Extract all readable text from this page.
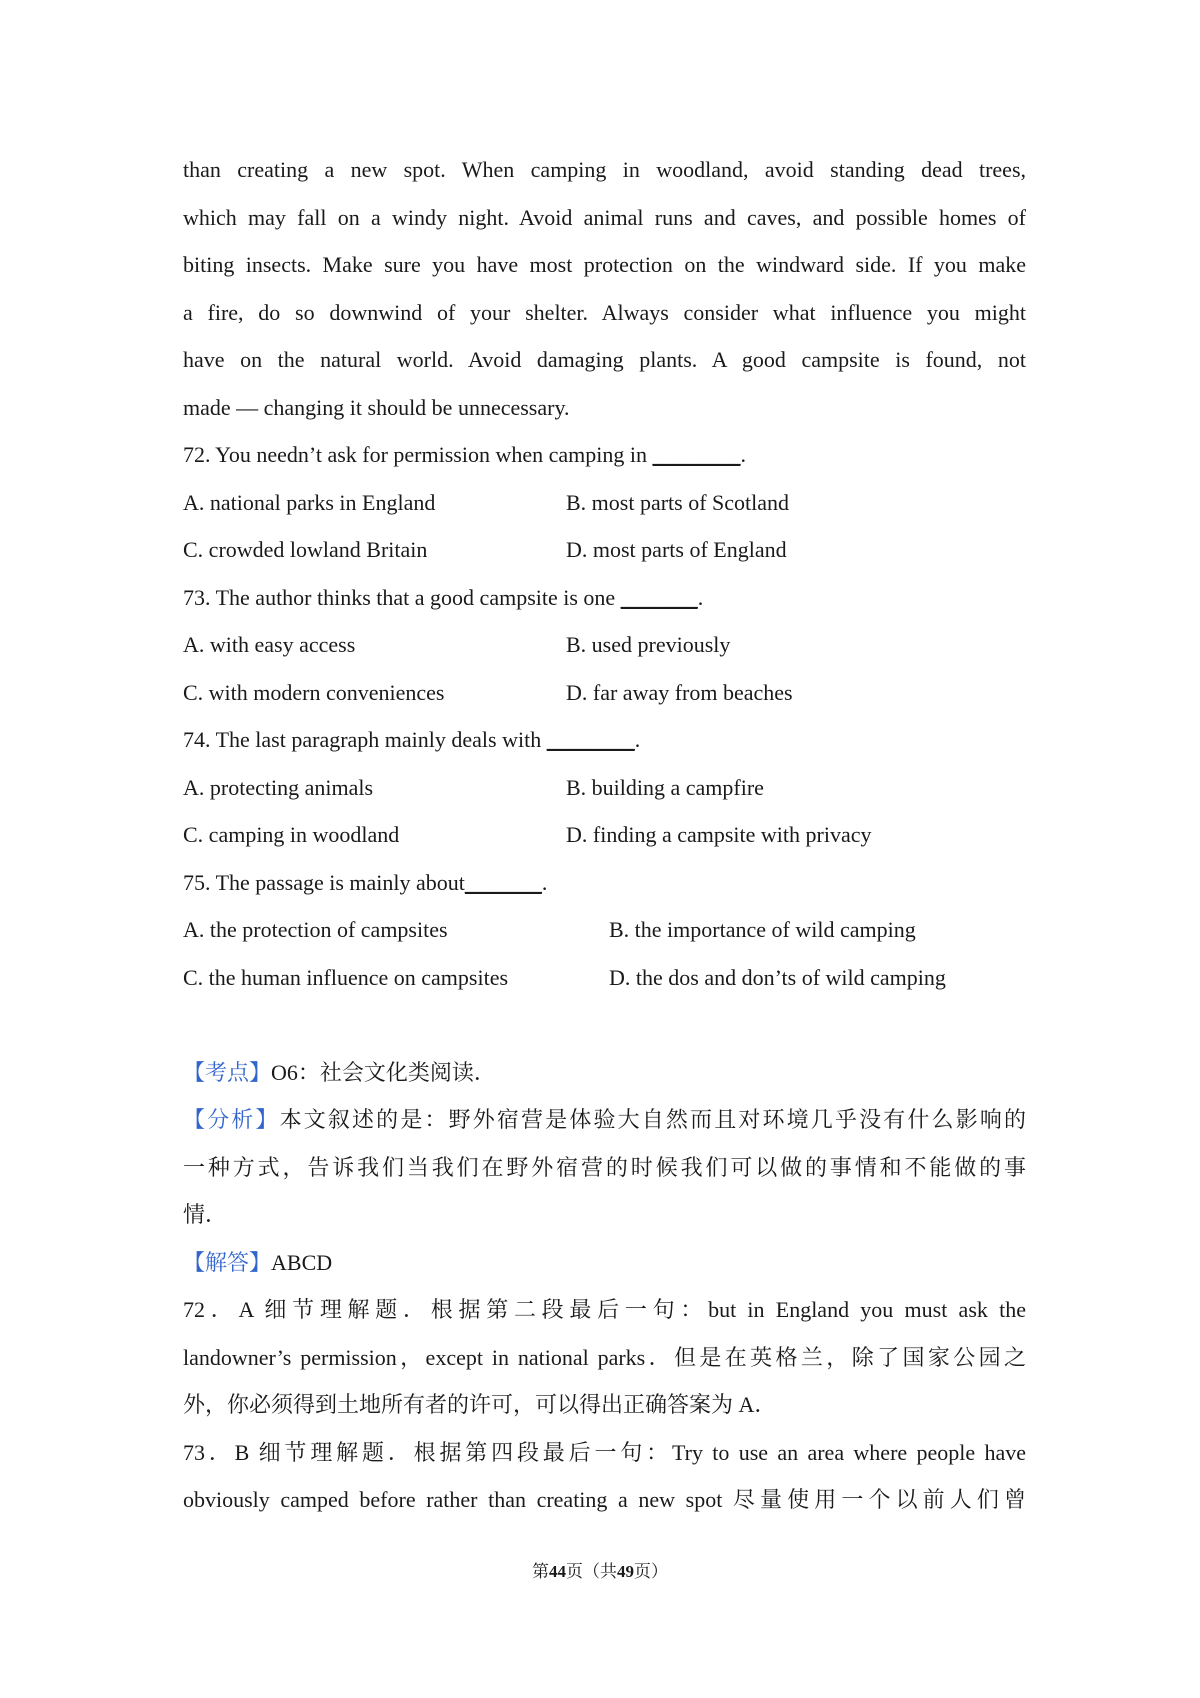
than creating a new spot. When camping in woodland, avoid standing dead trees,
which may fall on a windy night. Avoid animal runs and caves, and possible homes of
biting insects. Make sure you have most protection on the windward side. If you make
a fire, do so downwind of your shelter. Always consider what influence you might
have on the natural world. Avoid damaging plants. A good campsite is found, not
made — changing it should be unnecessary.
72. You needn’t ask for permission when camping in ________.
A. national parks in England	B. most parts of Scotland
C. crowded lowland Britain	D. most parts of England
73. The author thinks that a good campsite is one _______.
A. with easy access	B. used previously
C. with modern conveniences	D. far away from beaches
74. The last paragraph mainly deals with ________.
A. protecting animals	B. building a campfire
C. camping in woodland	D. finding a campsite with privacy
75. The passage is mainly about_______.
A. the protection of campsites	B. the importance of wild camping
C. the human influence on campsites	D. the dos and don’ts of wild camping
【考点】O6：社会文化类阅读．
【分析】本文叙述的是：野外宿营是体验大自然而且对环境几乎没有什么影响的
一种方式，告诉我们当我们在野外宿营的时候我们可以做的事情和不能做的事
情．
【解答】ABCD
72．A 细节理解题．根据第二段最后一句：but in England you must ask the
landowner’s permission，except in national parks．但是在英格兰，除了国家公园之
外，你必须得到土地所有者的许可，可以得出正确答案为 A．
73．B 细节理解题．根据第四段最后一句：Try to use an area where people have
obviously camped before rather than creating a new spot 尽量使用一个以前人们曾
第44页（共49页）
